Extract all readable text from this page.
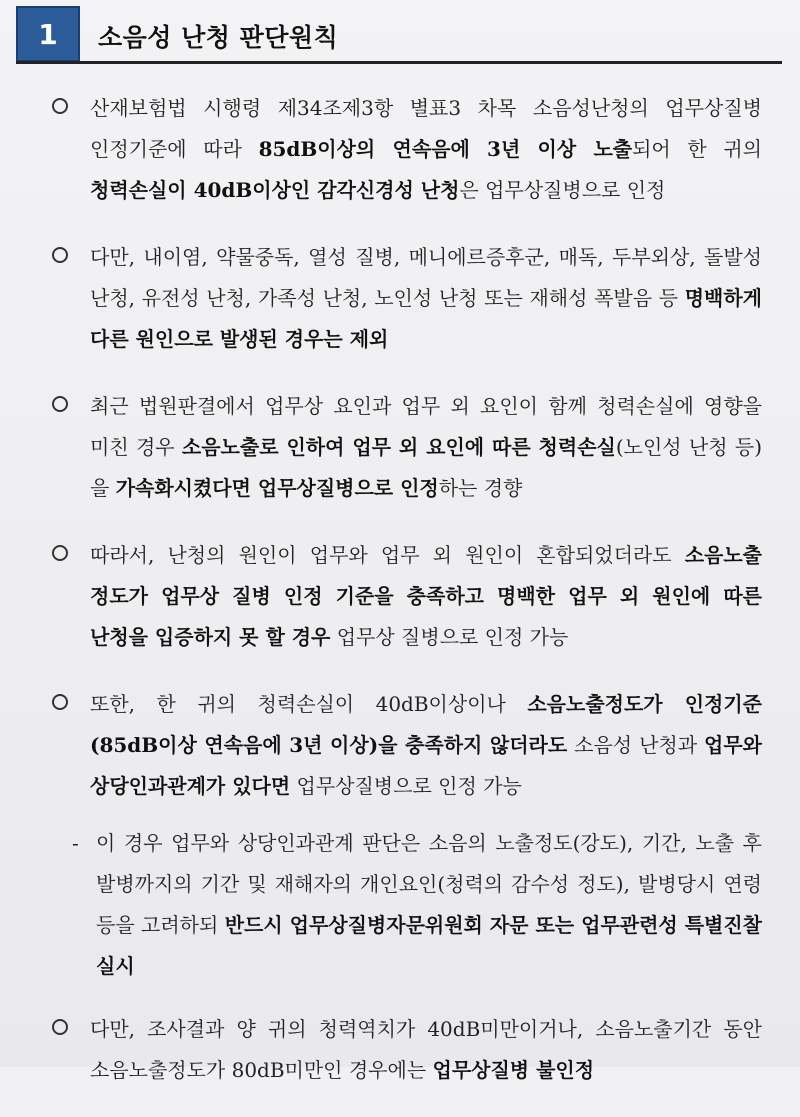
1	소음성 난청 판단원칙
산재보험법 시행령 제34조제3항 별표3 차목 소음성난청의 업무상질병 인정기준에 따라 85dB이상의 연속음에 3년 이상 노출되어 한 귀의 청력손실이 40dB이상인 감각신경성 난청은 업무상질병으로 인정
다만, 내이염, 약물중독, 열성 질병, 메니에르증후군, 매독, 두부외상, 돌발성 난청, 유전성 난청, 가족성 난청, 노인성 난청 또는 재해성 폭발음 등 명백하게 다른 원인으로 발생된 경우는 제외
최근 법원판결에서 업무상 요인과 업무 외 요인이 함께 청력손실에 영향을 미친 경우 소음노출로 인하여 업무 외 요인에 따른 청력손실(노인성 난청 등)을 가속화시켰다면 업무상질병으로 인정하는 경향
따라서, 난청의 원인이 업무와 업무 외 원인이 혼합되었더라도 소음노출 정도가 업무상 질병 인정 기준을 충족하고 명백한 업무 외 원인에 따른 난청을 입증하지 못 할 경우 업무상 질병으로 인정 가능
또한, 한 귀의 청력손실이 40dB이상이나 소음노출정도가 인정기준(85dB이상 연속음에 3년 이상)을 충족하지 않더라도 소음성 난청과 업무와 상당인과관계가 있다면 업무상질병으로 인정 가능
- 이 경우 업무와 상당인과관계 판단은 소음의 노출정도(강도), 기간, 노출 후 발병까지의 기간 및 재해자의 개인요인(청력의 감수성 정도), 발병당시 연령 등을 고려하되 반드시 업무상질병자문위원회 자문 또는 업무관련성 특별진찰 실시
다만, 조사결과 양 귀의 청력역치가 40dB미만이거나, 소음노출기간 동안 소음노출정도가 80dB미만인 경우에는 업무상질병 불인정
